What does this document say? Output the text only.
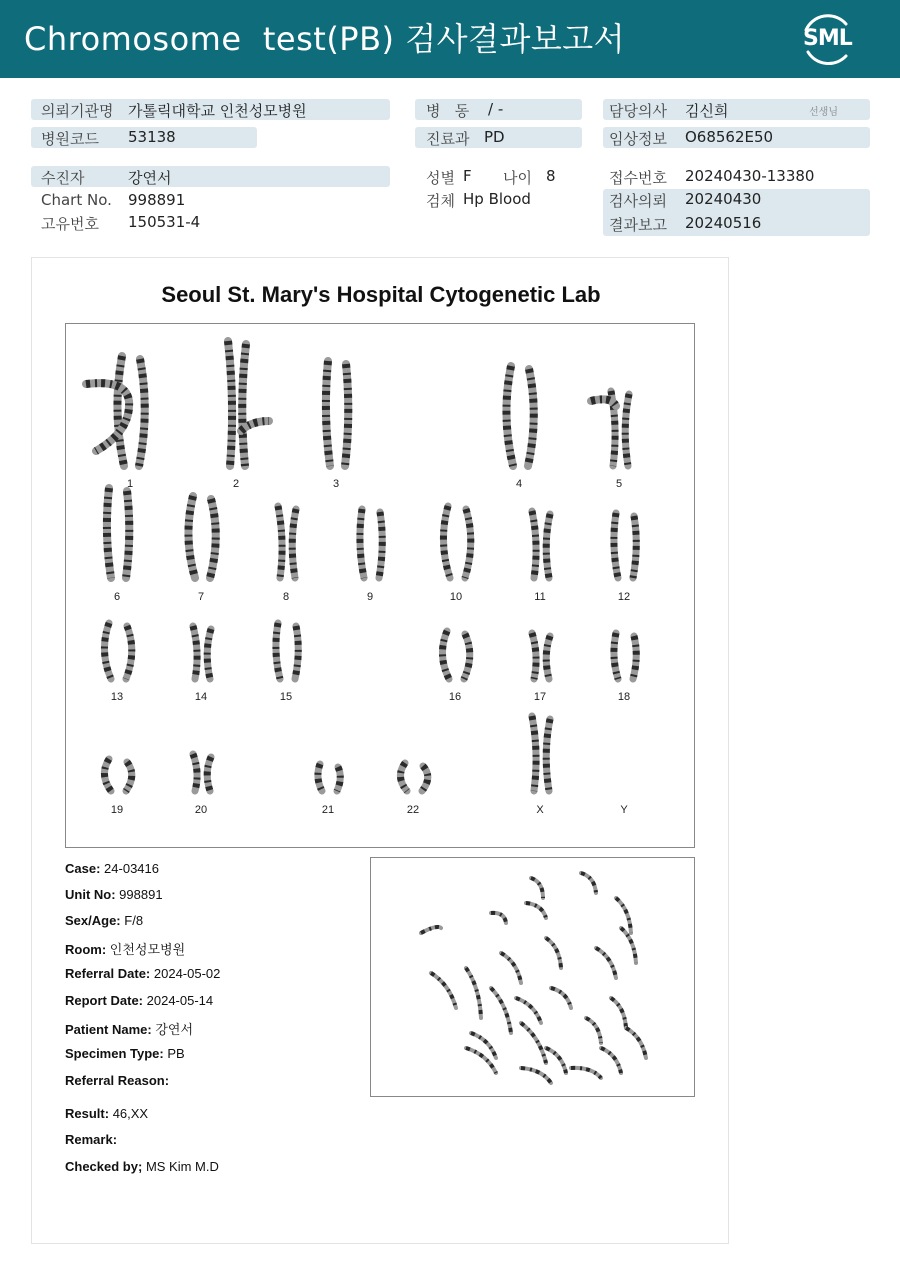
Chromosome  test(PB) 검사결과보고서	SML
의뢰기관명 가톨릭대학교 인천성모병원
병원코드 53138
수진자	강연서
Chart No. 998891
고유번호 150531-4
병   동 / -
진료과 PD
성별 F 나이 8
검체 Hp Blood
담당의사 김신희	선생님
임상정보 O68562E50
접수번호 20240430-13380
검사의뢰 20240430
결과보고 20240516
Seoul St. Mary's Hospital Cytogenetic Lab
1	2	3	4	5
6	7	8	9	10	11	12
13	14	15	16	17	18
19	20	21	22	X	Y
Case: 24-03416
Unit No: 998891
Sex/Age: F/8
Room: 인천성모병원
Referral Date: 2024-05-02
Report Date: 2024-05-14
Patient Name: 강연서
Specimen Type: PB
Referral Reason:
Result: 46,XX
Remark:
Checked by; MS Kim M.D
